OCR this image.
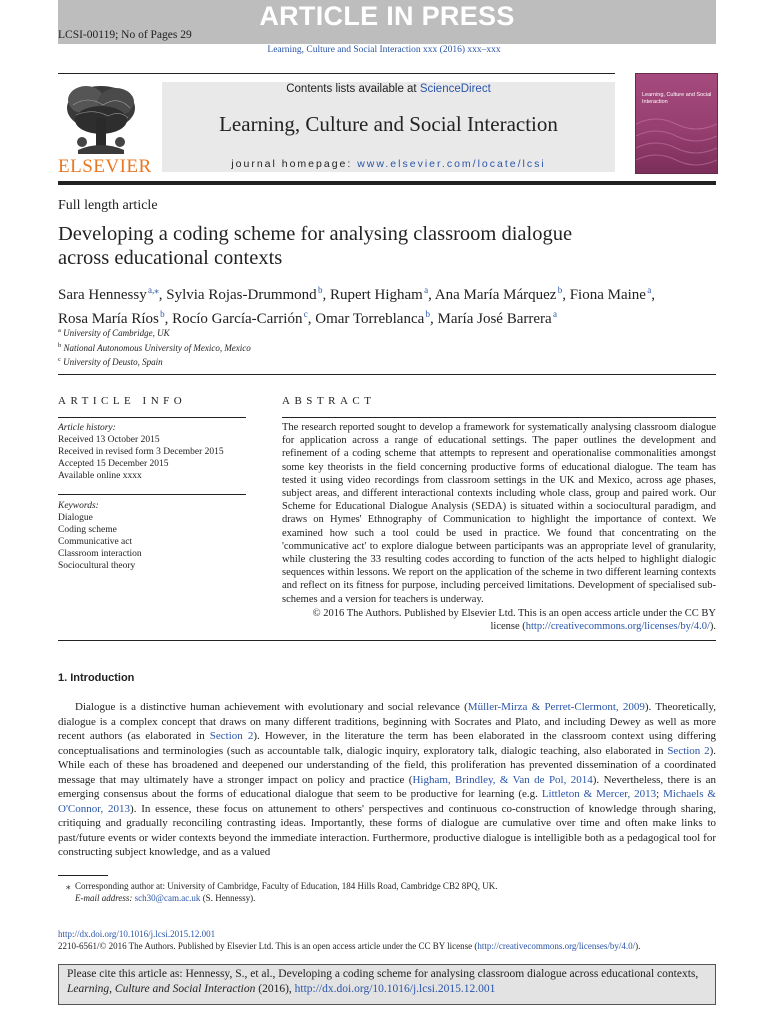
ARTICLE IN PRESS
LCSI-00119; No of Pages 29
Learning, Culture and Social Interaction xxx (2016) xxx–xxx
ELSEVIER
Contents lists available at ScienceDirect
Learning, Culture and Social Interaction
journal homepage: www.elsevier.com/locate/lcsi
Learning, Culture and Social Interaction
Full length article
Developing a coding scheme for analysing classroom dialogue
across educational contexts
Sara Hennessy $^{a,⁎}$, Sylvia Rojas-Drummond $^b$, Rupert Higham $^a$, Ana María Márquez $^b$, Fiona Maine $^a$,
Rosa María Ríos $^b$, Rocío García-Carrión $^c$, Omar Torreblanca $^b$, María José Barrera $^a$
$^a$ University of Cambridge, UK
$^b$ National Autonomous University of Mexico, Mexico
$^c$ University of Deusto, Spain
ARTICLE INFO	ABSTRACT
Article history:
Received 13 October 2015
Received in revised form 3 December 2015
Accepted 15 December 2015
Available online xxxx
Keywords:
Dialogue
Coding scheme
Communicative act
Classroom interaction
Sociocultural theory
The research reported sought to develop a framework for systematically analysing classroom dialogue for application across a range of educational settings. The paper outlines the development and refinement of a coding scheme that attempts to represent and operationalise commonalities amongst some key theorists in the field concerning productive forms of educational dialogue. The team has tested it using video recordings from classroom settings in the UK and Mexico, across age phases, subject areas, and different interactional contexts including whole class, group and paired work. Our Scheme for Educational Dialogue Analysis (SEDA) is situated within a sociocultural paradigm, and draws on Hymes' Ethnography of Communication to highlight the importance of context. We examined how such a tool could be used in practice. We found that concentrating on the 'communicative act' to explore dialogue between participants was an appropriate level of granularity, while clustering the 33 resulting codes according to function of the acts helped to highlight dialogic sequences within lessons. We report on the application of the scheme in two different learning contexts and reflect on its fitness for purpose, including perceived limitations. Development of specialised sub-schemes and a version for teachers is underway.
© 2016 The Authors. Published by Elsevier Ltd. This is an open access article under the CC BY
license (http://creativecommons.org/licenses/by/4.0/).
1. Introduction
Dialogue is a distinctive human achievement with evolutionary and social relevance (Müller-Mirza & Perret-Clermont, 2009). Theoretically, dialogue is a complex concept that draws on many different traditions, beginning with Socrates and Plato, and including Dewey as well as more recent authors (as elaborated in Section 2). However, in the literature the term has been elaborated in the classroom context using differing conceptualisations and terminologies (such as accountable talk, dialogic inquiry, exploratory talk, dialogic teaching, also elaborated in Section 2). While each of these has broadened and deepened our understanding of the field, this proliferation has prevented dissemination of a coordinated message that may ultimately have a stronger impact on policy and practice (Higham, Brindley, & Van de Pol, 2014). Nevertheless, there is an emerging consensus about the forms of educational dialogue that seem to be productive for learning (e.g. Littleton & Mercer, 2013; Michaels & O'Connor, 2013). In essence, these focus on attunement to others' perspectives and continuous co-construction of knowledge through sharing, critiquing and gradually reconciling contrasting ideas. Importantly, these forms of dialogue are cumulative over time and often make links to past/future events or wider contexts beyond the immediate interaction. Furthermore, productive dialogue is intelligible both as a pedagogical tool for constructing subject knowledge, and as a valued
⁎ Corresponding author at: University of Cambridge, Faculty of Education, 184 Hills Road, Cambridge CB2 8PQ, UK.
E-mail address: sch30@cam.ac.uk (S. Hennessy).
http://dx.doi.org/10.1016/j.lcsi.2015.12.001
2210-6561/© 2016 The Authors. Published by Elsevier Ltd. This is an open access article under the CC BY license (http://creativecommons.org/licenses/by/4.0/).
Please cite this article as: Hennessy, S., et al., Developing a coding scheme for analysing classroom dialogue across educational contexts, Learning, Culture and Social Interaction (2016), http://dx.doi.org/10.1016/j.lcsi.2015.12.001
